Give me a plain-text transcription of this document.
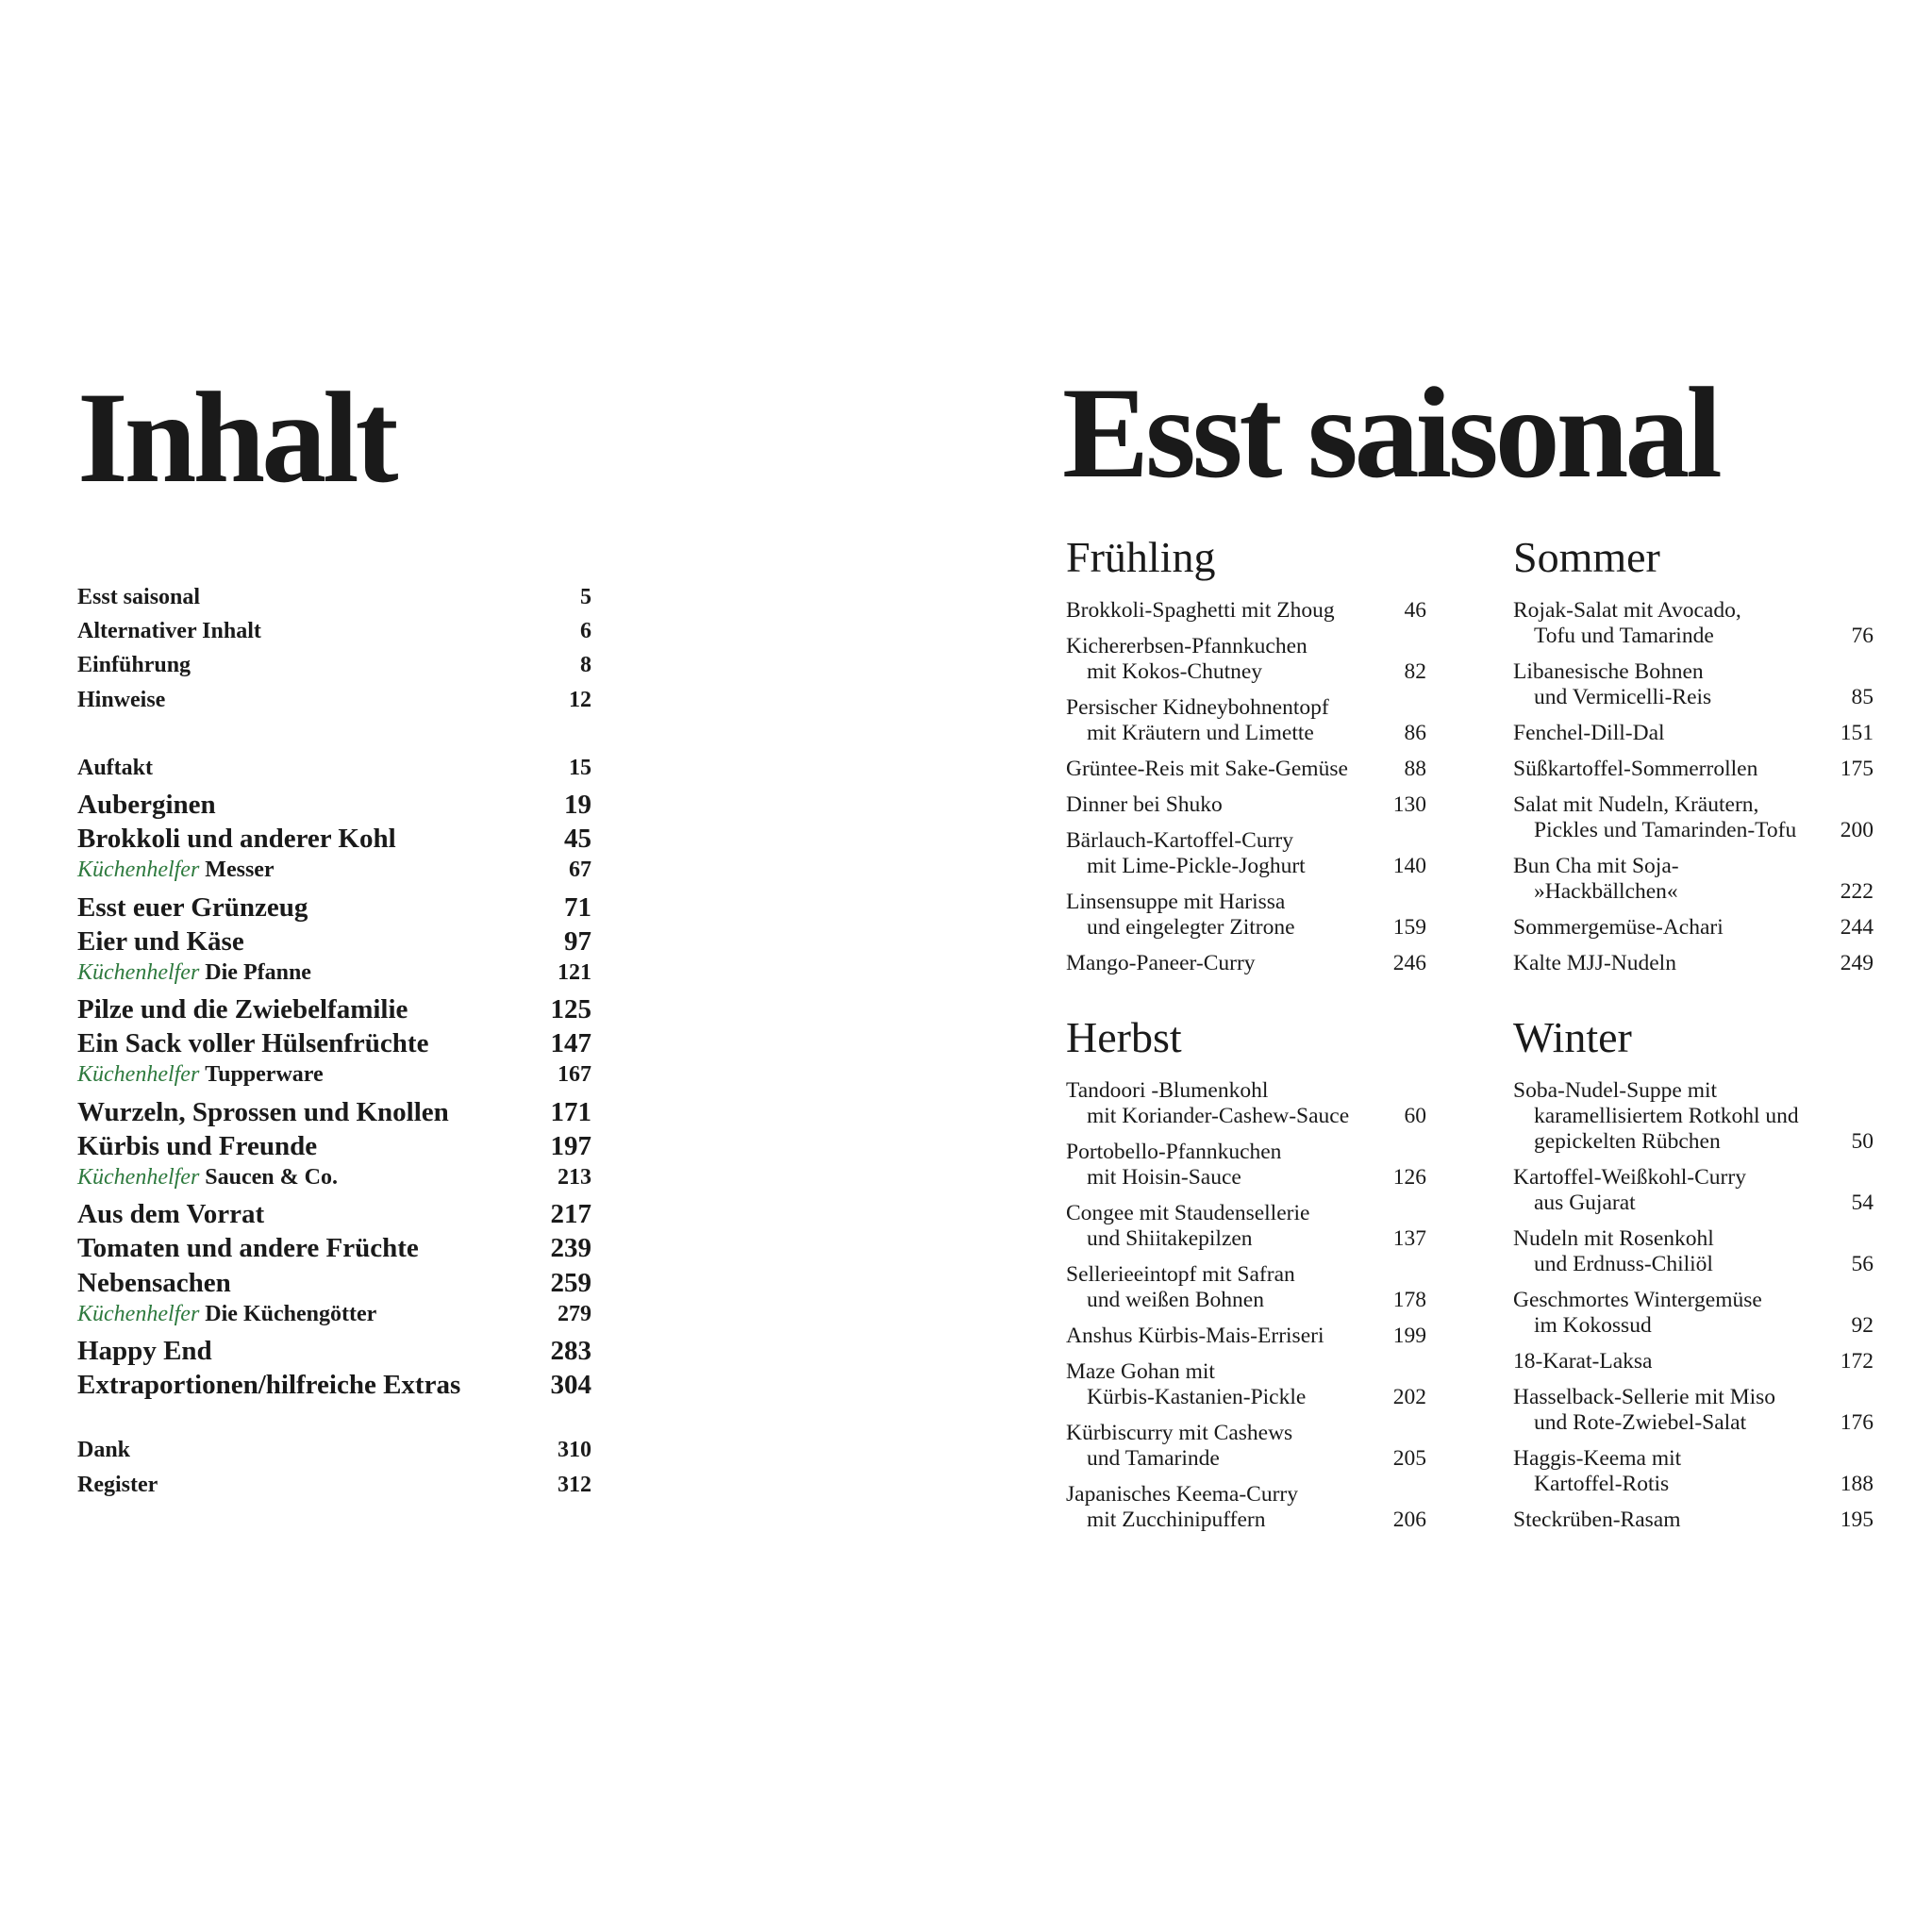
Inhalt
Esst saisonal	5
Alternativer Inhalt	6
Einführung	8
Hinweise	12
Auftakt	15
Auberginen	19
Brokkoli und anderer Kohl	45
Küchenhelfer Messer	67
Esst euer Grünzeug	71
Eier und Käse	97
Küchenhelfer Die Pfanne	121
Pilze und die Zwiebelfamilie	125
Ein Sack voller Hülsenfrüchte	147
Küchenhelfer Tupperware	167
Wurzeln, Sprossen und Knollen	171
Kürbis und Freunde	197
Küchenhelfer Saucen & Co.	213
Aus dem Vorrat	217
Tomaten und andere Früchte	239
Nebensachen	259
Küchenhelfer Die Küchengötter	279
Happy End	283
Extraportionen/hilfreiche Extras	304
Dank	310
Register	312
Esst saisonal
Frühling
Brokkoli-Spaghetti mit Zhoug	46
Kichererbsen-Pfannkuchen
mit Kokos-Chutney	82
Persischer Kidneybohnentopf
mit Kräutern und Limette	86
Grüntee-Reis mit Sake-Gemüse	88
Dinner bei Shuko	130
Bärlauch-Kartoffel-Curry
mit Lime-Pickle-Joghurt	140
Linsensuppe mit Harissa
und eingelegter Zitrone	159
Mango-Paneer-Curry	246
Sommer
Rojak-Salat mit Avocado,
Tofu und Tamarinde	76
Libanesische Bohnen
und Vermicelli-Reis	85
Fenchel-Dill-Dal	151
Süßkartoffel-Sommerrollen	175
Salat mit Nudeln, Kräutern,
Pickles und Tamarinden-Tofu	200
Bun Cha mit Soja-
»Hackbällchen«	222
Sommergemüse-Achari	244
Kalte MJJ-Nudeln	249
Herbst
Tandoori -Blumenkohl
mit Koriander-Cashew-Sauce	60
Portobello-Pfannkuchen
mit Hoisin-Sauce	126
Congee mit Staudensellerie
und Shiitakepilzen	137
Sellerieeintopf mit Safran
und weißen Bohnen	178
Anshus Kürbis-Mais-Erriseri	199
Maze Gohan mit
Kürbis-Kastanien-Pickle	202
Kürbiscurry mit Cashews
und Tamarinde	205
Japanisches Keema-Curry
mit Zucchinipuffern	206
Winter
Soba-Nudel-Suppe mit
karamellisiertem Rotkohl und
gepickelten Rübchen	50
Kartoffel-Weißkohl-Curry
aus Gujarat	54
Nudeln mit Rosenkohl
und Erdnuss-Chiliöl	56
Geschmortes Wintergemüse
im Kokossud	92
18-Karat-Laksa	172
Hasselback-Sellerie mit Miso
und Rote-Zwiebel-Salat	176
Haggis-Keema mit
Kartoffel-Rotis	188
Steckrüben-Rasam	195
